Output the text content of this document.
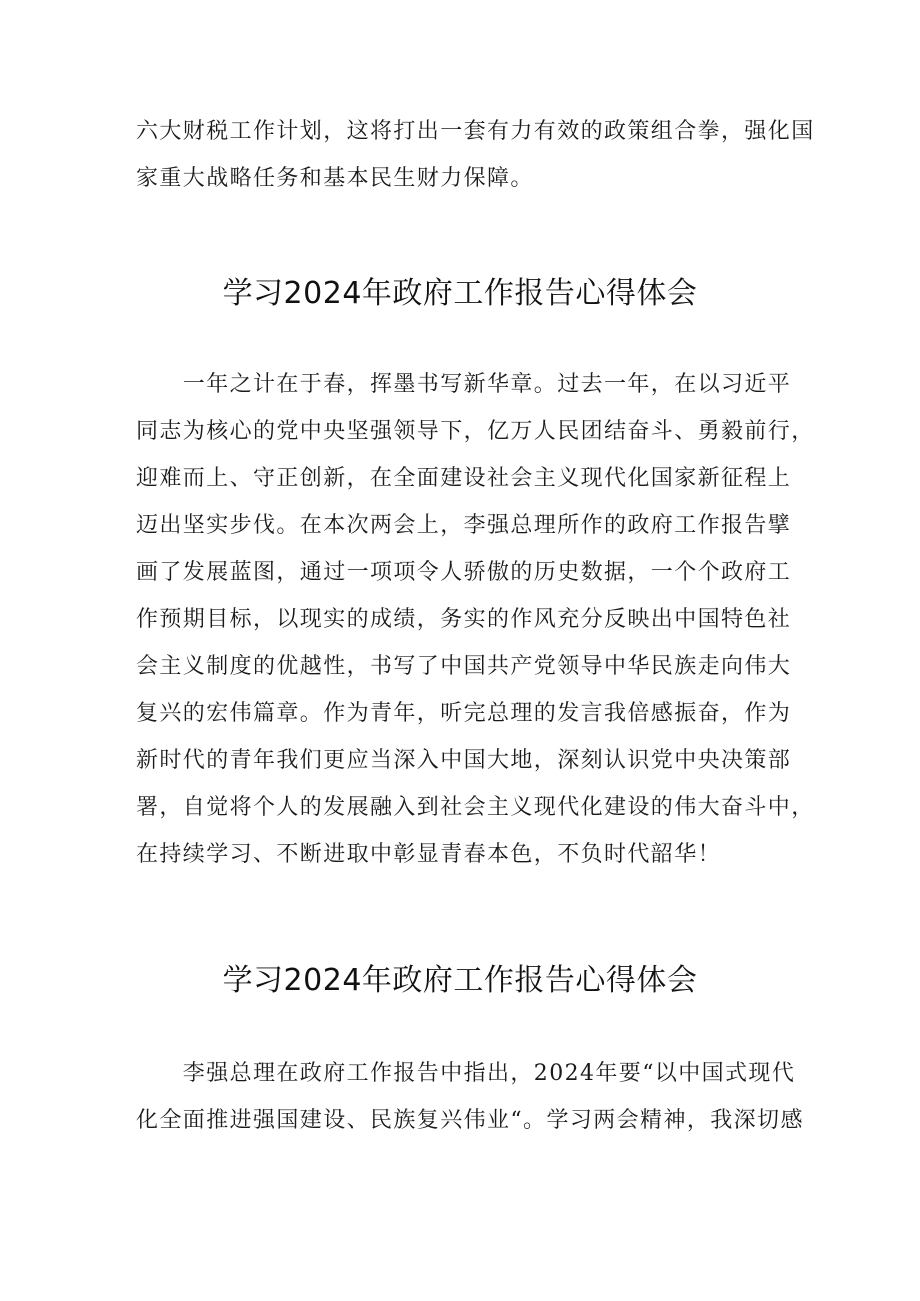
六大财税工作计划，这将打出一套有力有效的政策组合拳，强化国
家重大战略任务和基本民生财力保障。

学习2024年政府工作报告心得体会

　　一年之计在于春，挥墨书写新华章。过去一年，在以习近平
同志为核心的党中央坚强领导下，亿万人民团结奋斗、勇毅前行，
迎难而上、守正创新，在全面建设社会主义现代化国家新征程上
迈出坚实步伐。在本次两会上，李强总理所作的政府工作报告擘
画了发展蓝图，通过一项项令人骄傲的历史数据，一个个政府工
作预期目标，以现实的成绩，务实的作风充分反映出中国特色社
会主义制度的优越性，书写了中国共产党领导中华民族走向伟大
复兴的宏伟篇章。作为青年，听完总理的发言我倍感振奋，作为
新时代的青年我们更应当深入中国大地，深刻认识党中央决策部
署，自觉将个人的发展融入到社会主义现代化建设的伟大奋斗中，
在持续学习、不断进取中彰显青春本色，不负时代韶华！

学习2024年政府工作报告心得体会

　　李强总理在政府工作报告中指出，2024年要“以中国式现代
化全面推进强国建设、民族复兴伟业“。学习两会精神，我深切感
